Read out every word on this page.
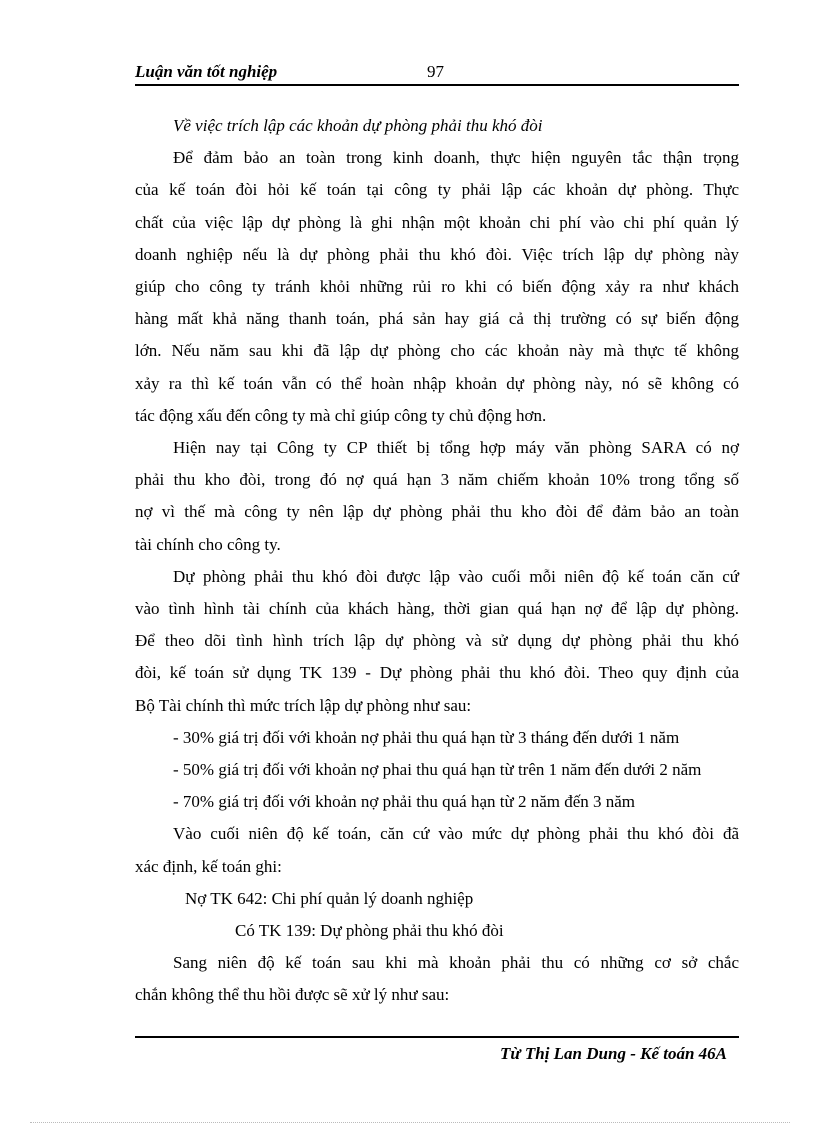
Luận văn tốt nghiệp	97
Về việc trích lập các khoản dự phòng phải thu khó đòi
Để đảm bảo an toàn trong kinh doanh, thực hiện nguyên tắc thận trọng
của kế toán đòi hỏi kế toán tại công ty phải lập các khoản dự phòng. Thực
chất của việc lập dự phòng là ghi nhận một khoản chi phí vào chi phí quản lý
doanh nghiệp nếu là dự phòng phải thu khó đòi. Việc trích lập dự phòng này
giúp cho công ty tránh khỏi những rủi ro khi có biến động xảy ra như khách
hàng mất khả năng thanh toán, phá sản hay giá cả thị trường có sự biến động
lớn. Nếu năm sau khi đã lập dự phòng cho các khoản này mà thực tế không
xảy ra thì kế toán vẫn có thể hoàn nhập khoản dự phòng này, nó sẽ không có
tác động xấu đến công ty mà chỉ giúp công ty chủ động hơn.
Hiện nay tại Công ty CP thiết bị tổng hợp máy văn phòng SARA có nợ
phải thu kho đòi, trong đó nợ quá hạn 3 năm chiếm khoản 10% trong tổng số
nợ vì thế mà công ty nên lập dự phòng phải thu kho đòi để đảm bảo an toàn
tài chính cho công ty.
Dự phòng phải thu khó đòi được lập vào cuối mỗi niên độ kế toán căn cứ
vào tình hình tài chính của khách hàng, thời gian quá hạn nợ để lập dự phòng.
Để theo dõi tình hình trích lập dự phòng và sử dụng dự phòng phải thu khó
đòi, kế toán sử dụng TK 139 - Dự phòng phải thu khó đòi. Theo quy định của
Bộ Tài chính thì mức trích lập dự phòng như sau:
- 30% giá trị đối với khoản nợ phải thu quá hạn từ 3 tháng đến dưới 1 năm
- 50% giá trị đối với khoản nợ phai thu quá hạn từ trên 1 năm đến dưới 2 năm
- 70% giá trị đối với khoản nợ phải thu quá hạn từ 2 năm đến 3 năm
Vào cuối niên độ kế toán, căn cứ vào mức dự phòng phải thu khó đòi đã
xác định, kế toán ghi:
Nợ TK 642: Chi phí quản lý doanh nghiệp
Có TK 139: Dự phòng phải thu khó đòi
Sang niên độ kế toán sau khi mà khoản phải thu có những cơ sở chắc
chắn không thể thu hồi được sẽ xử lý như sau:
Từ Thị Lan Dung - Kế toán 46A
